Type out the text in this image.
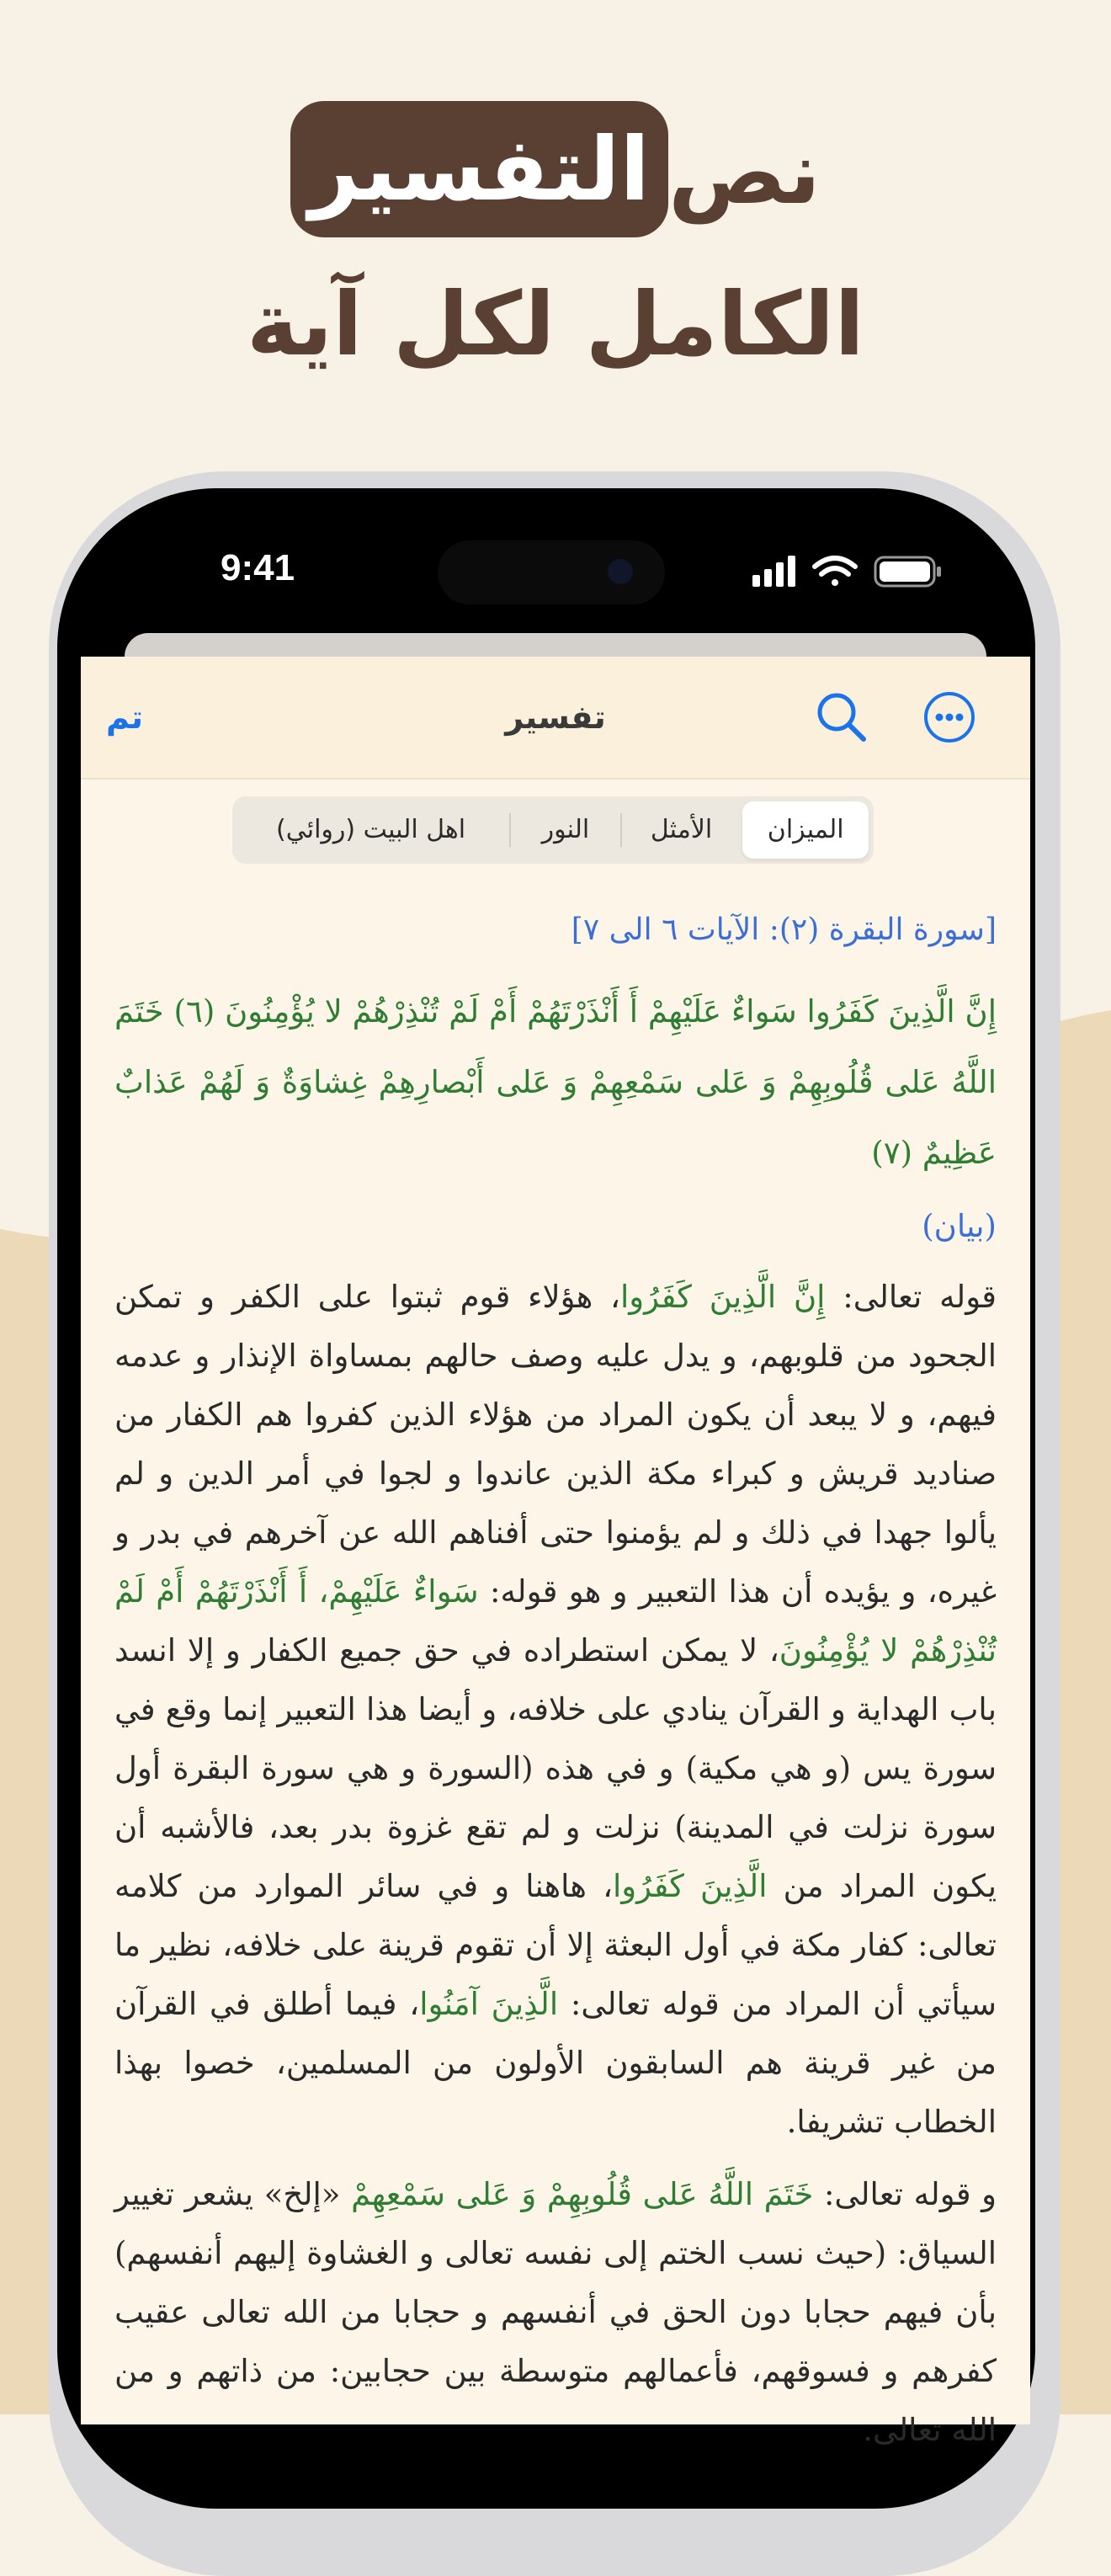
نصالتفسير
الكامل لكل آية
9:41
تفسير
تم
الميزان
الأمثل
النور
اهل البيت (روائي)
[سورة البقرة (٢): الآيات ٦ الى ٧]
إِنَّ الَّذِينَ كَفَرُوا سَواءٌ عَلَيْهِمْ أَ أَنْذَرْتَهُمْ أَمْ لَمْ تُنْذِرْهُمْ لا يُؤْمِنُونَ (٦) خَتَمَ اللَّهُ عَلى قُلُوبِهِمْ وَ عَلى سَمْعِهِمْ وَ عَلى أَبْصارِهِمْ غِشاوَةٌ وَ لَهُمْ عَذابٌ عَظِيمٌ (٧)
(بيان)
قوله تعالى: إِنَّ الَّذِينَ كَفَرُوا، هؤلاء قوم ثبتوا على الكفر و تمكن الجحود من قلوبهم، و يدل عليه وصف حالهم بمساواة الإنذار و عدمه فيهم، و لا يبعد أن يكون المراد من هؤلاء الذين كفروا هم الكفار من صناديد قريش و كبراء مكة الذين عاندوا و لجوا في أمر الدين و لم يألوا جهدا في ذلك و لم يؤمنوا حتى أفناهم الله عن آخرهم في بدر و غيره، و يؤيده أن هذا التعبير و هو قوله: سَواءٌ عَلَيْهِمْ، أَ أَنْذَرْتَهُمْ أَمْ لَمْ تُنْذِرْهُمْ لا يُؤْمِنُونَ، لا يمكن استطراده في حق جميع الكفار و إلا انسد باب الهداية و القرآن ينادي على خلافه، و أيضا هذا التعبير إنما وقع في سورة يس (و هي مكية) و في هذه (السورة و هي سورة البقرة أول سورة نزلت في المدينة) نزلت و لم تقع غزوة بدر بعد، فالأشبه أن يكون المراد من الَّذِينَ كَفَرُوا، هاهنا و في سائر الموارد من كلامه تعالى: كفار مكة في أول البعثة إلا أن تقوم قرينة على خلافه، نظير ما سيأتي أن المراد من قوله تعالى: الَّذِينَ آمَنُوا، فيما أطلق في القرآن من غير قرينة هم السابقون الأولون من المسلمين، خصوا بهذا الخطاب تشريفا.
و قوله تعالى: خَتَمَ اللَّهُ عَلى قُلُوبِهِمْ وَ عَلى سَمْعِهِمْ «إلخ» يشعر تغيير السياق: (حيث نسب الختم إلى نفسه تعالى و الغشاوة إليهم أنفسهم) بأن فيهم حجابا دون الحق في أنفسهم و حجابا من الله تعالى عقيب كفرهم و فسوقهم، فأعمالهم متوسطة بين حجابين: من ذاتهم و من الله تعالى.
